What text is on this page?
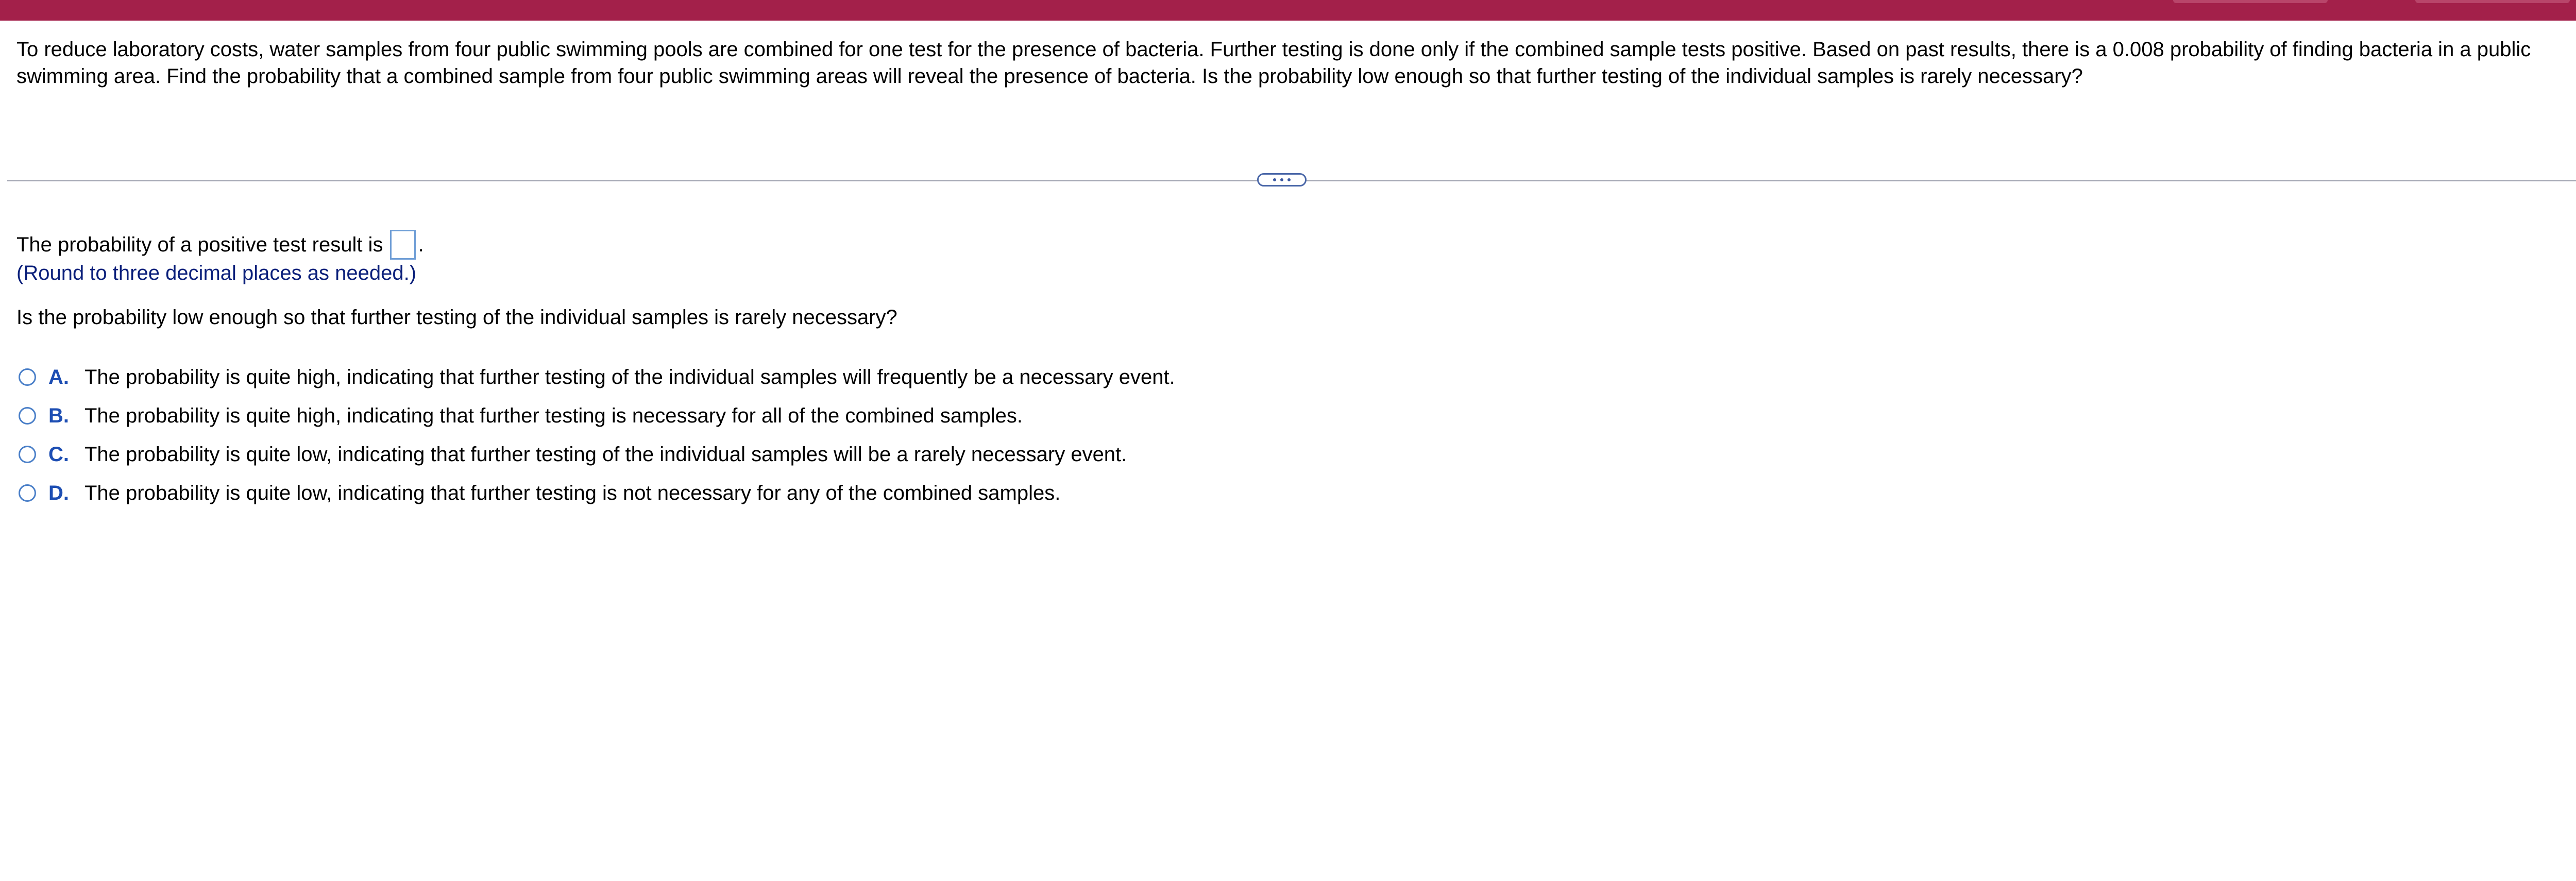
To reduce laboratory costs, water samples from four public swimming pools are combined for one test for the presence of bacteria. Further testing is done only if the combined sample tests positive. Based on past results, there is a 0.008 probability of finding bacteria in a public swimming area. Find the probability that a combined sample from four public swimming areas will reveal the presence of bacteria. Is the probability low enough so that further testing of the individual samples is rarely necessary?
The probability of a positive test result is .
(Round to three decimal places as needed.)
Is the probability low enough so that further testing of the individual samples is rarely necessary?
A. The probability is quite high, indicating that further testing of the individual samples will frequently be a necessary event.
B. The probability is quite high, indicating that further testing is necessary for all of the combined samples.
C. The probability is quite low, indicating that further testing of the individual samples will be a rarely necessary event.
D. The probability is quite low, indicating that further testing is not necessary for any of the combined samples.
